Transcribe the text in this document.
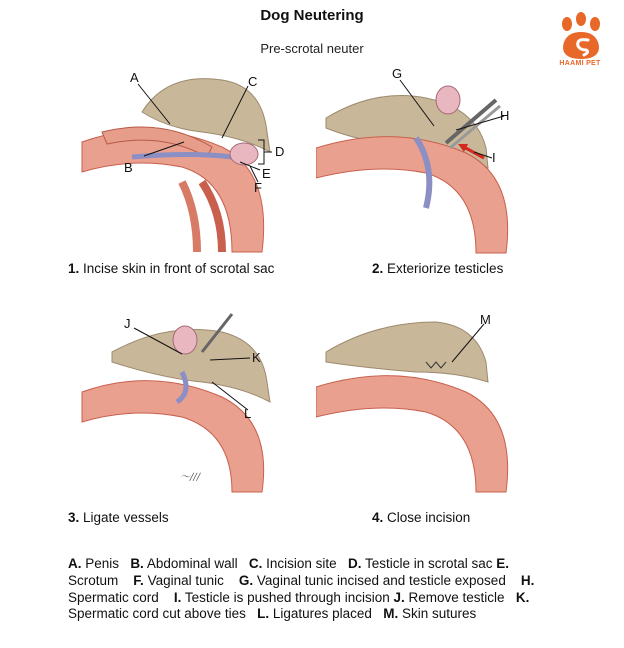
Dog Neutering
Pre-scrotal neuter
HAAMI PET
A	C
D
B	E
F
G
H
I
J
K
L
〜∕∕∕
M
1. Incise skin in front of scrotal sac	2. Exteriorize testicles
3. Ligate vessels	4. Close incision
A. Penis B. Abdominal wall C. Incision site D. Testicle in scrotal sac E. Scrotum F. Vaginal tunic G. Vaginal tunic incised and testicle exposed H. Spermatic cord I. Testicle is pushed through incision J. Remove testicle K. Spermatic cord cut above ties L. Ligatures placed M. Skin sutures
